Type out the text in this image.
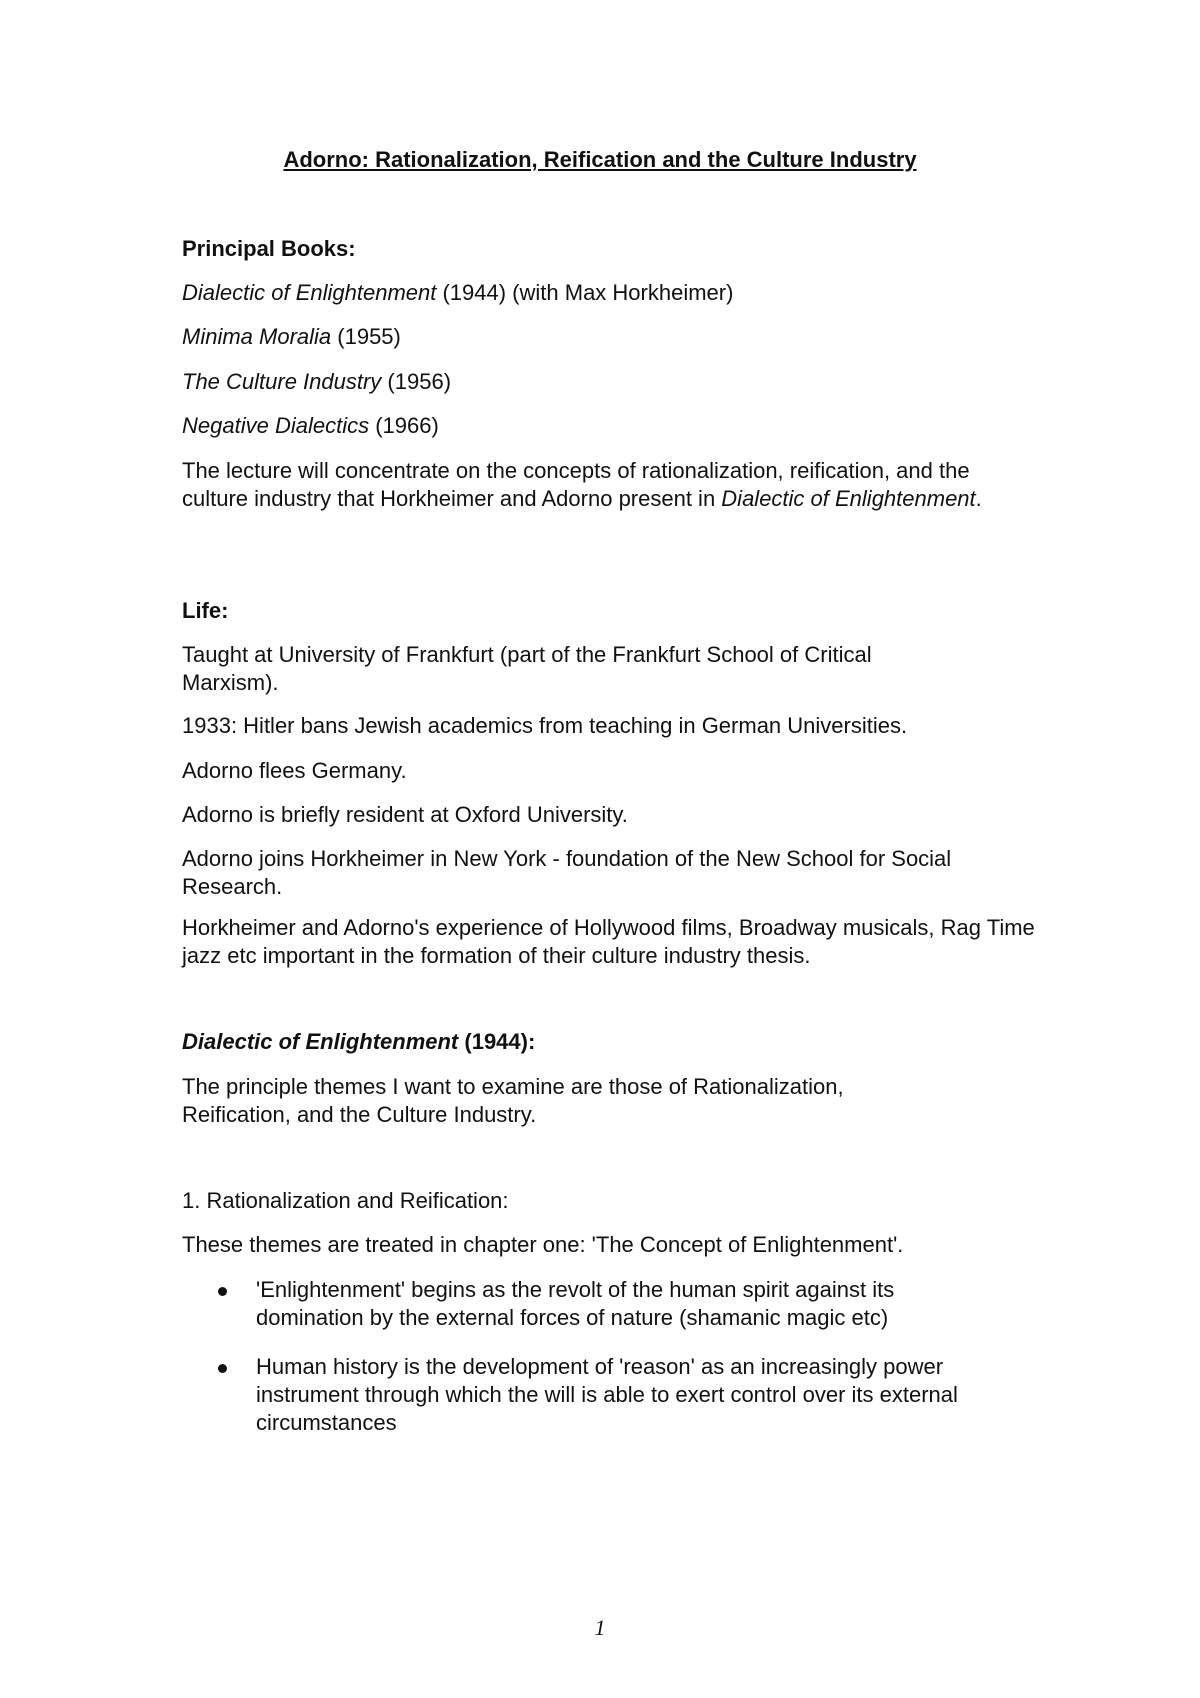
Adorno: Rationalization, Reification and the Culture Industry

Principal Books:

Dialectic of Enlightenment (1944) (with Max Horkheimer)

Minima Moralia (1955)

The Culture Industry (1956)

Negative Dialectics (1966)

The lecture will concentrate on the concepts of rationalization, reification, and the culture industry that Horkheimer and Adorno present in Dialectic of Enlightenment.

Life:

Taught at University of Frankfurt (part of the Frankfurt School of Critical Marxism).

1933: Hitler bans Jewish academics from teaching in German Universities.

Adorno flees Germany.

Adorno is briefly resident at Oxford University.

Adorno joins Horkheimer in New York - foundation of the New School for Social Research.

Horkheimer and Adorno's experience of Hollywood films, Broadway musicals, Rag Time jazz etc important in the formation of their culture industry thesis.

Dialectic of Enlightenment (1944):

The principle themes I want to examine are those of Rationalization, Reification, and the Culture Industry.

1. Rationalization and Reification:

These themes are treated in chapter one: 'The Concept of Enlightenment'.

'Enlightenment' begins as the revolt of the human spirit against its domination by the external forces of nature (shamanic magic etc)
Human history is the development of 'reason' as an increasingly power instrument through which the will is able to exert control over its external circumstances
1
